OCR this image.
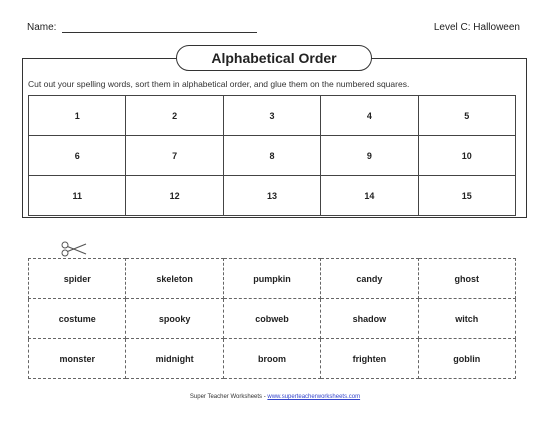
Name:	Level C: Halloween
Alphabetical Order
Cut out your spelling words, sort them in alphabetical order, and glue them on the numbered squares.
1	2	3	4	5
6	7	8	9	10
11	12	13	14	15
spider	skeleton	pumpkin	candy	ghost
costume	spooky	cobweb	shadow	witch
monster	midnight	broom	frighten	goblin
Super Teacher Worksheets - www.superteacherworksheets.com
